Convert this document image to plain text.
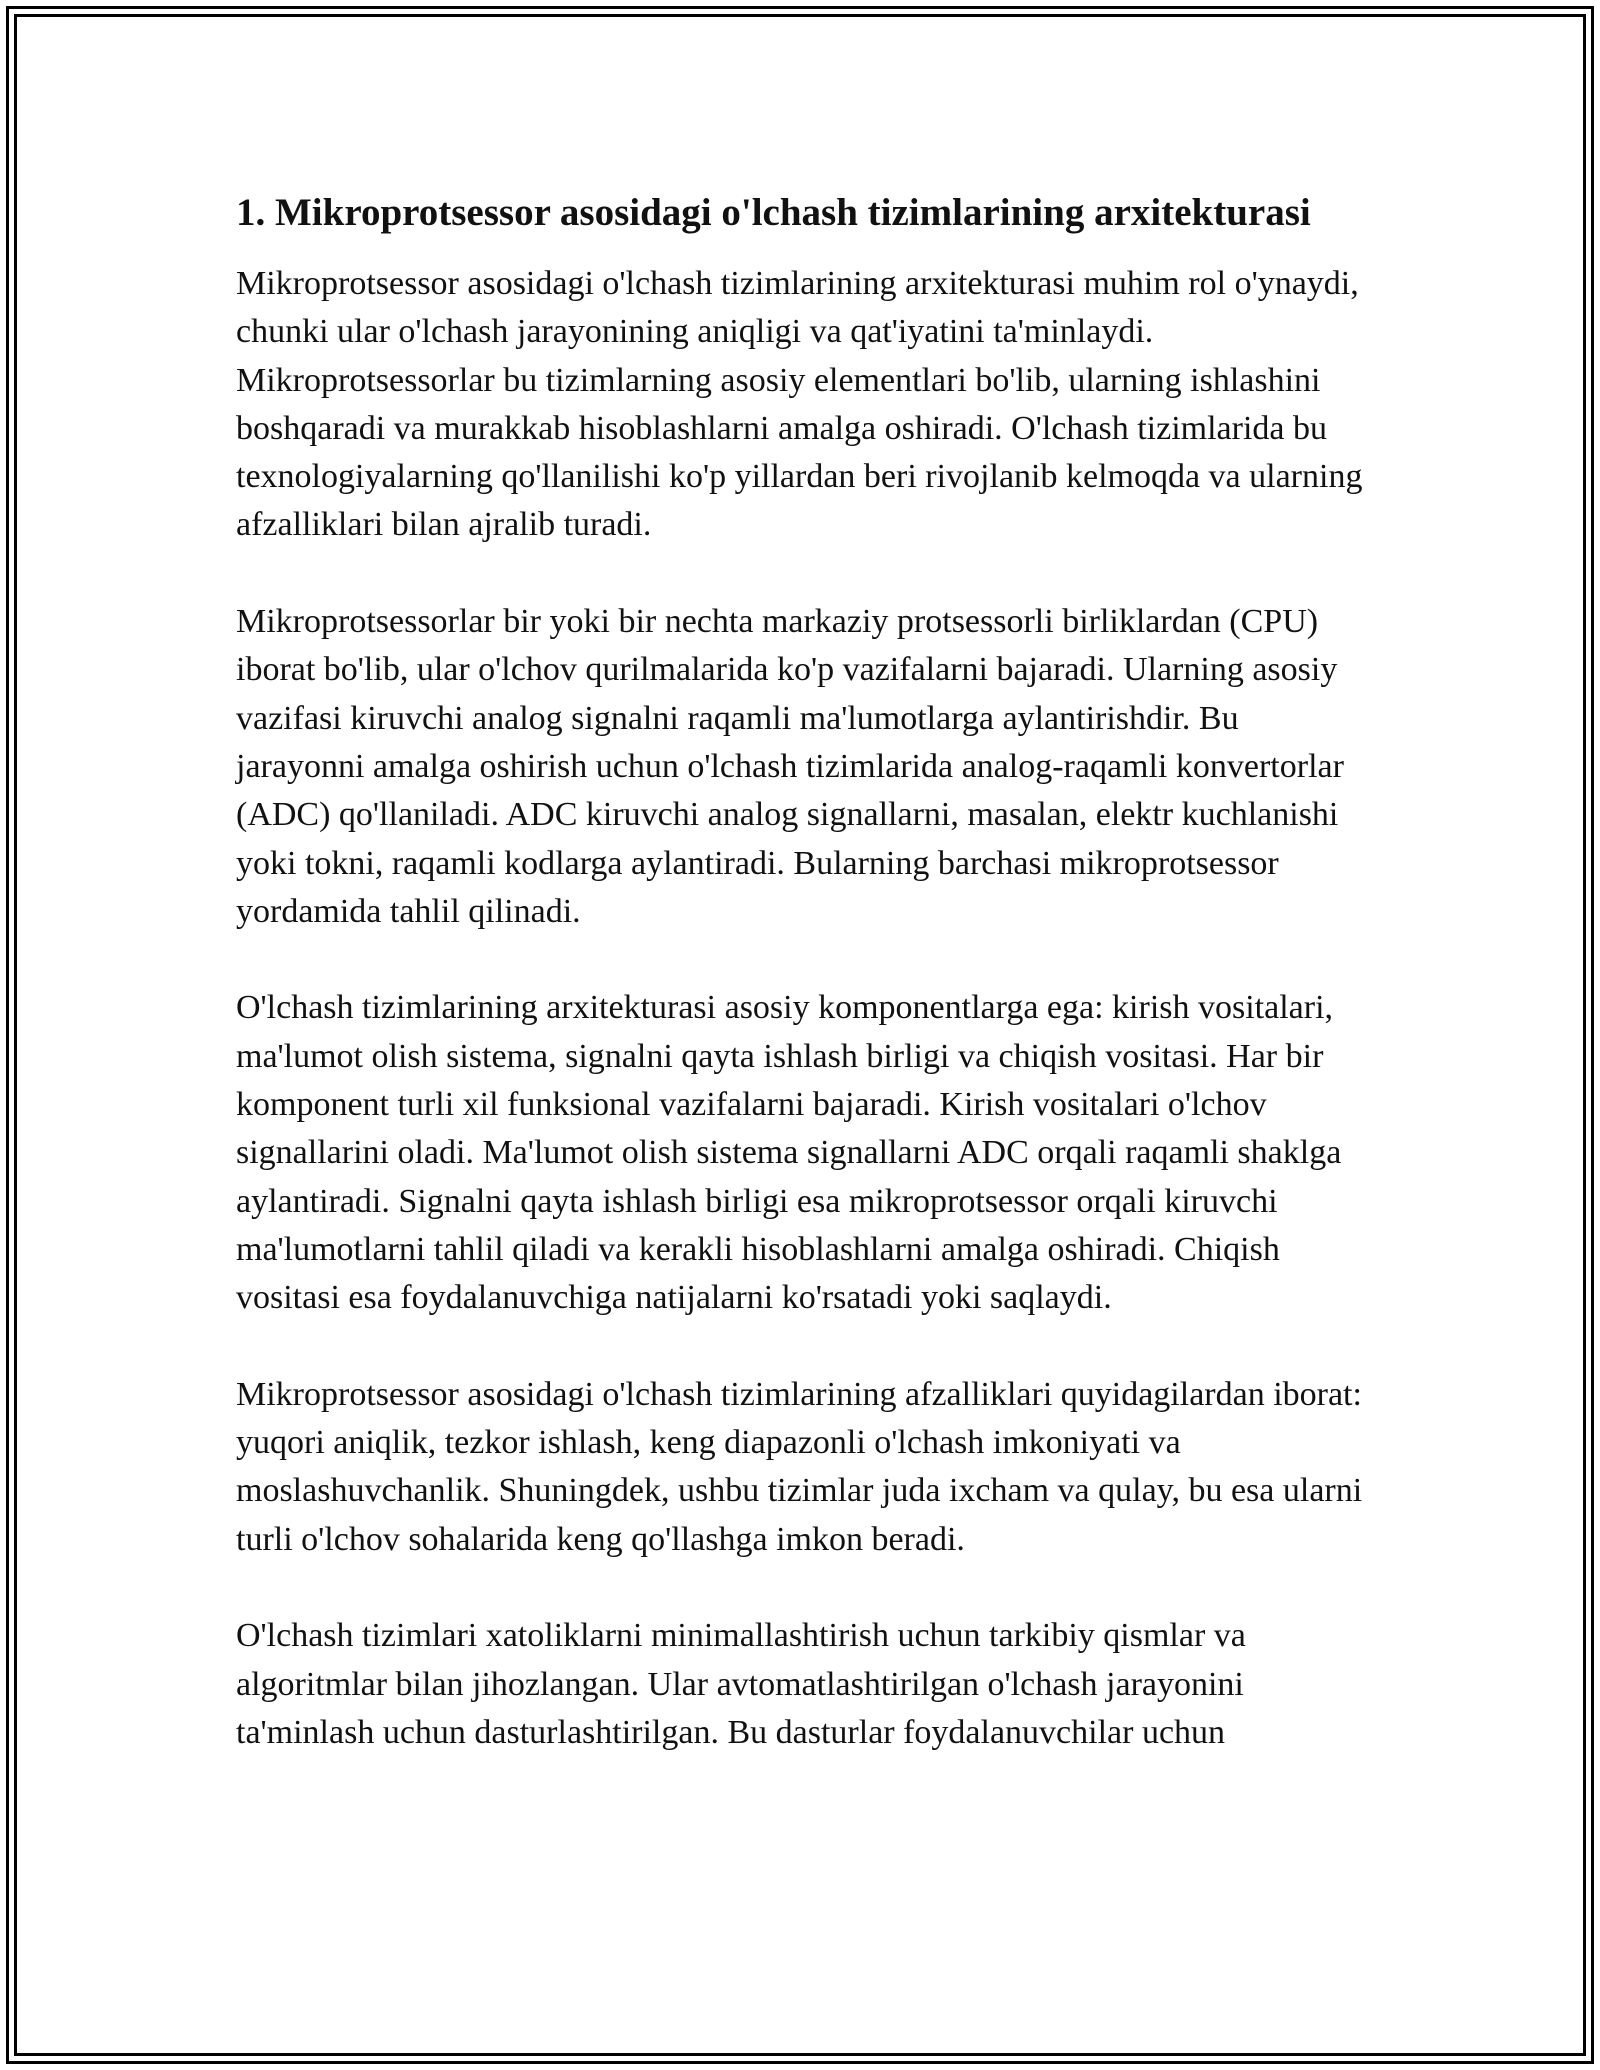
1. Mikroprotsessor asosidagi o'lchash tizimlarining arxitekturasi

Mikroprotsessor asosidagi o'lchash tizimlarining arxitekturasi muhim rol o'ynaydi, chunki ular o'lchash jarayonining aniqligi va qat'iyatini ta'minlaydi. Mikroprotsessorlar bu tizimlarning asosiy elementlari bo'lib, ularning ishlashini boshqaradi va murakkab hisoblashlarni amalga oshiradi. O'lchash tizimlarida bu texnologiyalarning qo'llanilishi ko'p yillardan beri rivojlanib kelmoqda va ularning afzalliklari bilan ajralib turadi.

Mikroprotsessorlar bir yoki bir nechta markaziy protsessorli birliklardan (CPU) iborat bo'lib, ular o'lchov qurilmalarida ko'p vazifalarni bajaradi. Ularning asosiy vazifasi kiruvchi analog signalni raqamli ma'lumotlarga aylantirishdir. Bu jarayonni amalga oshirish uchun o'lchash tizimlarida analog-raqamli konvertorlar (ADC) qo'llaniladi. ADC kiruvchi analog signallarni, masalan, elektr kuchlanishi yoki tokni, raqamli kodlarga aylantiradi. Bularning barchasi mikroprotsessor yordamida tahlil qilinadi.

O'lchash tizimlarining arxitekturasi asosiy komponentlarga ega: kirish vositalari, ma'lumot olish sistema, signalni qayta ishlash birligi va chiqish vositasi. Har bir komponent turli xil funksional vazifalarni bajaradi. Kirish vositalari o'lchov signallarini oladi. Ma'lumot olish sistema signallarni ADC orqali raqamli shaklga aylantiradi. Signalni qayta ishlash birligi esa mikroprotsessor orqali kiruvchi ma'lumotlarni tahlil qiladi va kerakli hisoblashlarni amalga oshiradi. Chiqish vositasi esa foydalanuvchiga natijalarni ko'rsatadi yoki saqlaydi.

Mikroprotsessor asosidagi o'lchash tizimlarining afzalliklari quyidagilardan iborat: yuqori aniqlik, tezkor ishlash, keng diapazonli o'lchash imkoniyati va moslashuvchanlik. Shuningdek, ushbu tizimlar juda ixcham va qulay, bu esa ularni turli o'lchov sohalarida keng qo'llashga imkon beradi.

O'lchash tizimlari xatoliklarni minimallashtirish uchun tarkibiy qismlar va algoritmlar bilan jihozlangan. Ular avtomatlashtirilgan o'lchash jarayonini ta'minlash uchun dasturlashtirilgan. Bu dasturlar foydalanuvchilar uchun
